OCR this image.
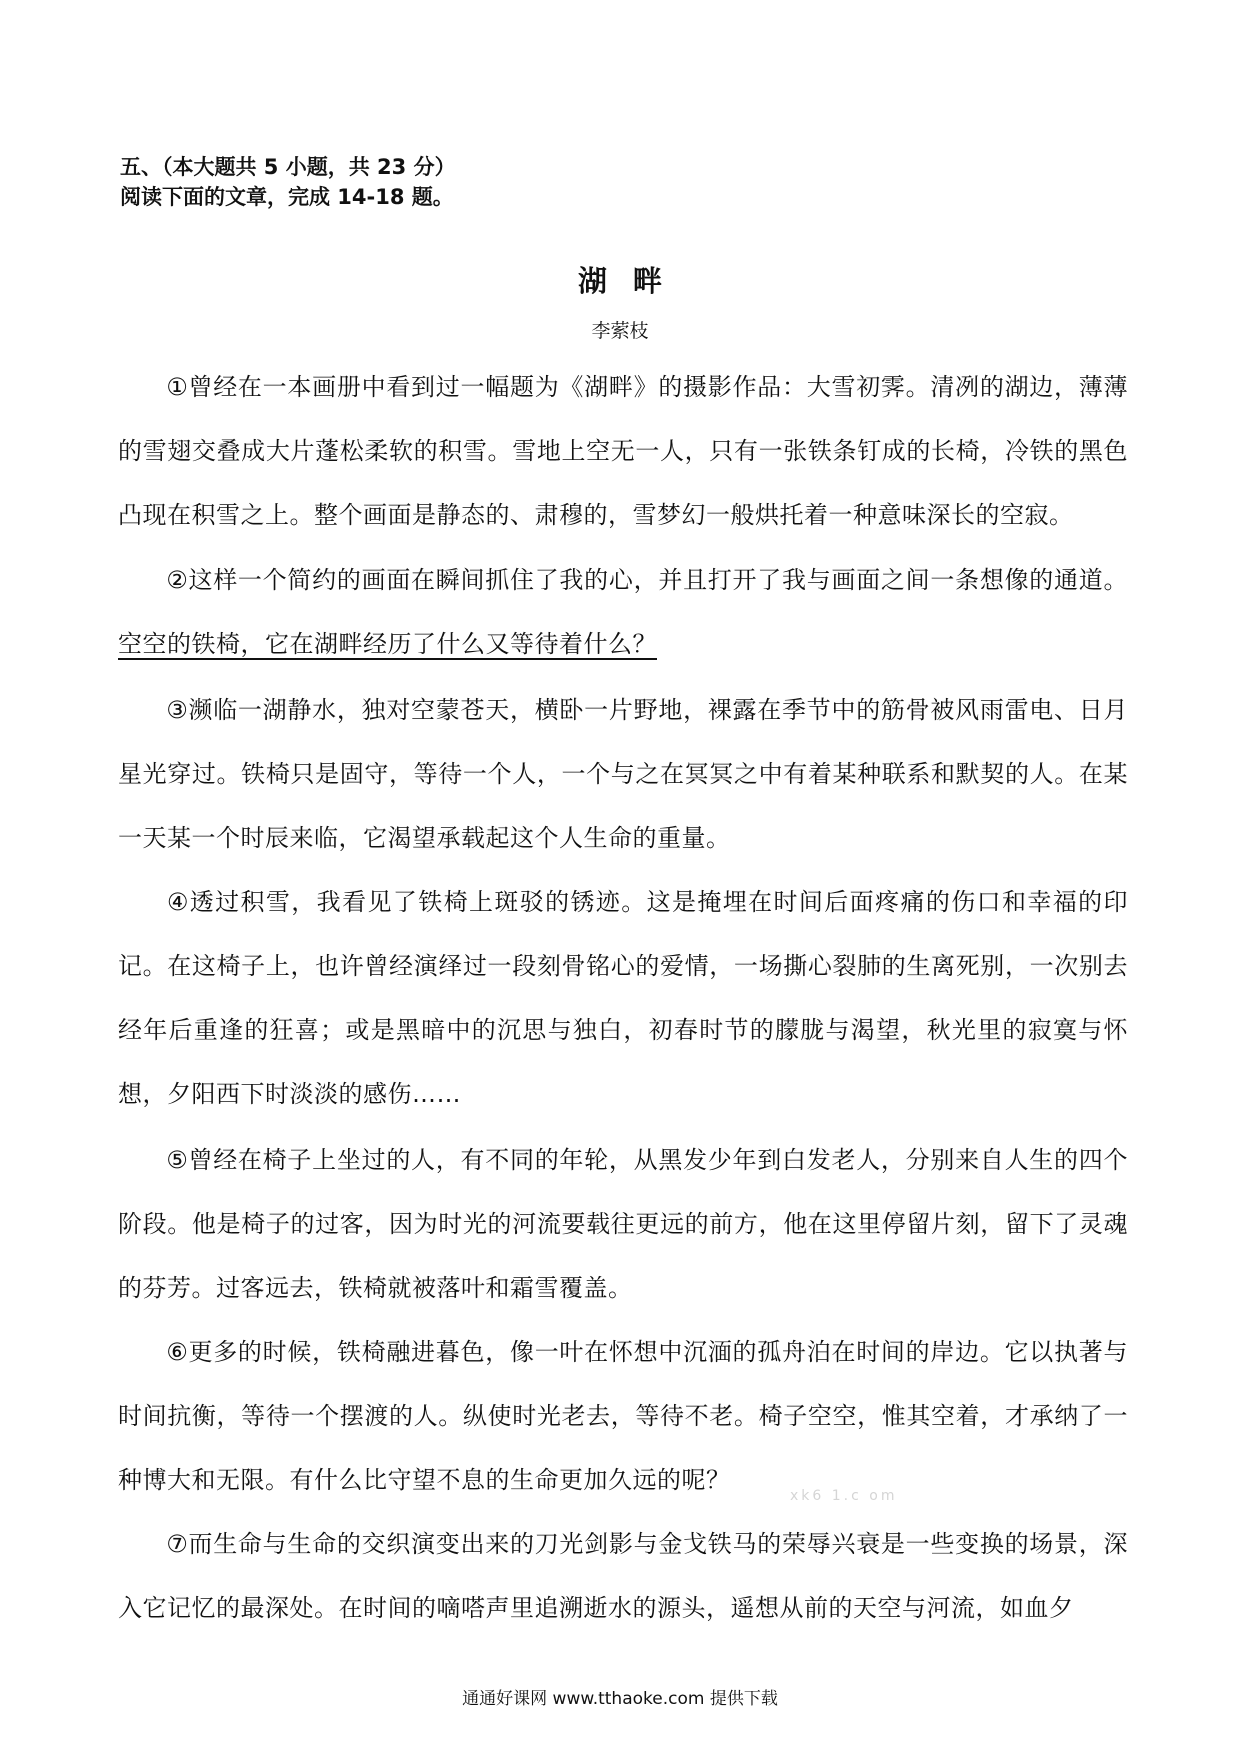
五、（本大题共 5 小题，共 23 分）
阅读下面的文章，完成 14-18 题。
湖畔
李萦枝

①曾经在一本画册中看到过一幅题为《湖畔》的摄影作品：大雪初霁。清冽的湖边，薄薄的雪翅交叠成大片蓬松柔软的积雪。雪地上空无一人，只有一张铁条钉成的长椅，冷铁的黑色凸现在积雪之上。整个画面是静态的、肃穆的，雪梦幻一般烘托着一种意味深长的空寂。

②这样一个简约的画面在瞬间抓住了我的心，并且打开了我与画面之间一条想像的通道。空空的铁椅，它在湖畔经历了什么又等待着什么？

③濒临一湖静水，独对空蒙苍天，横卧一片野地，裸露在季节中的筋骨被风雨雷电、日月星光穿过。铁椅只是固守，等待一个人，一个与之在冥冥之中有着某种联系和默契的人。在某一天某一个时辰来临，它渴望承载起这个人生命的重量。

④透过积雪，我看见了铁椅上斑驳的锈迹。这是掩埋在时间后面疼痛的伤口和幸福的印记。在这椅子上，也许曾经演绎过一段刻骨铭心的爱情，一场撕心裂肺的生离死别，一次别去经年后重逢的狂喜；或是黑暗中的沉思与独白，初春时节的朦胧与渴望，秋光里的寂寞与怀想，夕阳西下时淡淡的感伤……

⑤曾经在椅子上坐过的人，有不同的年轮，从黑发少年到白发老人，分别来自人生的四个阶段。他是椅子的过客，因为时光的河流要载往更远的前方，他在这里停留片刻，留下了灵魂的芬芳。过客远去，铁椅就被落叶和霜雪覆盖。

⑥更多的时候，铁椅融进暮色，像一叶在怀想中沉湎的孤舟泊在时间的岸边。它以执著与时间抗衡，等待一个摆渡的人。纵使时光老去，等待不老。椅子空空，惟其空着，才承纳了一种博大和无限。有什么比守望不息的生命更加久远的呢？

⑦而生命与生命的交织演变出来的刀光剑影与金戈铁马的荣辱兴衰是一些变换的场景，深入它记忆的最深处。在时间的嘀嗒声里追溯逝水的源头，遥想从前的天空与河流，如血夕

xk6 1.c om
通通好课网 www.tthaoke.com 提供下载
